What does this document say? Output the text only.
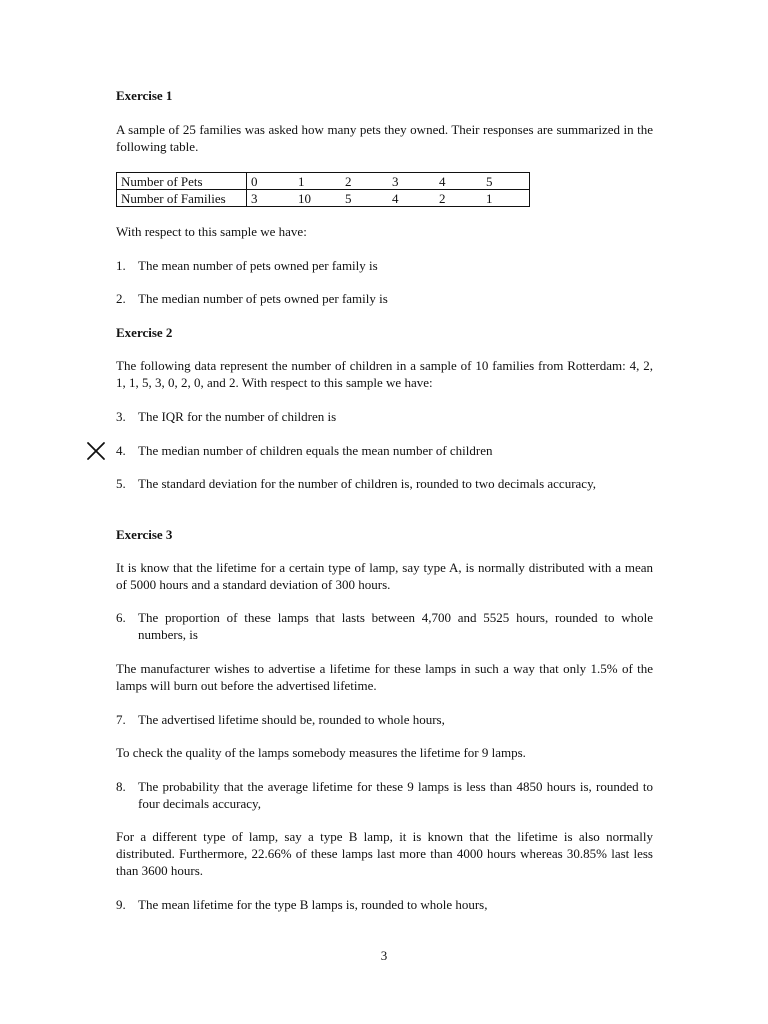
Exercise 1
A sample of 25 families was asked how many pets they owned. Their responses are summarized in the following table.
Number of Pets	0	1	2	3	4	5
Number of Families	3	10	5	4	2	1
With respect to this sample we have:
1. The mean number of pets owned per family is
2. The median number of pets owned per family is
Exercise 2
The following data represent the number of children in a sample of 10 families from Rotterdam: 4, 2, 1, 1, 5, 3, 0, 2, 0, and 2. With respect to this sample we have:
3. The IQR for the number of children is
4. The median number of children equals the mean number of children
5. The standard deviation for the number of children is, rounded to two decimals accuracy,
Exercise 3
It is know that the lifetime for a certain type of lamp, say type A, is normally distributed with a mean of 5000 hours and a standard deviation of 300 hours.
6. The proportion of these lamps that lasts between 4,700 and 5525 hours, rounded to whole numbers, is
The manufacturer wishes to advertise a lifetime for these lamps in such a way that only 1.5% of the lamps will burn out before the advertised lifetime.
7. The advertised lifetime should be, rounded to whole hours,
To check the quality of the lamps somebody measures the lifetime for 9 lamps.
8. The probability that the average lifetime for these 9 lamps is less than 4850 hours is, rounded to four decimals accuracy,
For a different type of lamp, say a type B lamp, it is known that the lifetime is also normally distributed. Furthermore, 22.66% of these lamps last more than 4000 hours whereas 30.85% last less than 3600 hours.
9. The mean lifetime for the type B lamps is, rounded to whole hours,
3
